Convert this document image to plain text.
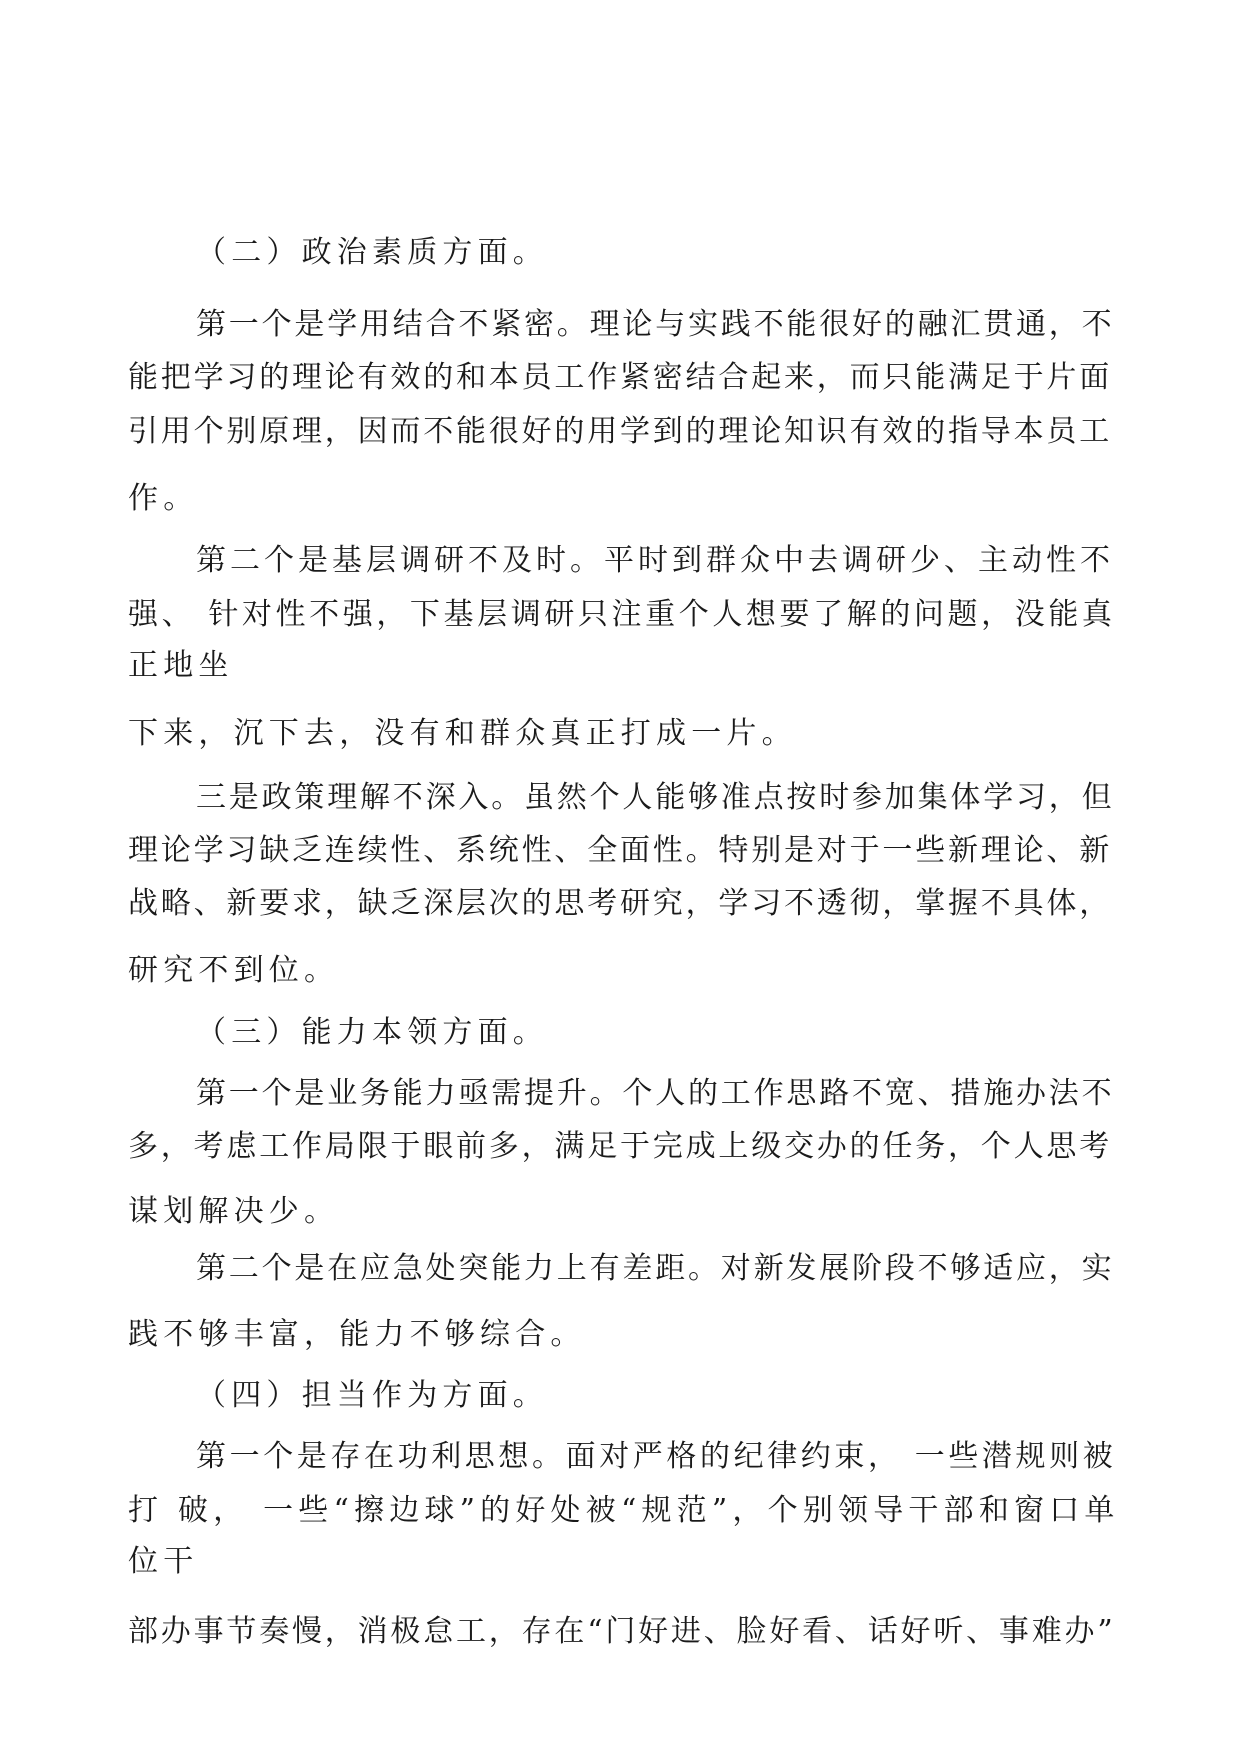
（二）政治素质方面。
第一个是学用结合不紧密。理论与实践不能很好的融汇贯通，不
能把学习的理论有效的和本员工作紧密结合起来，而只能满足于片面
引用个别原理，因而不能很好的用学到的理论知识有效的指导本员工
作。
第二个是基层调研不及时。平时到群众中去调研少、主动性不
强、 针对性不强，下基层调研只注重个人想要了解的问题，没能真
正地坐
下来，沉下去，没有和群众真正打成一片。
三是政策理解不深入。虽然个人能够准点按时参加集体学习，但
理论学习缺乏连续性、系统性、全面性。特别是对于一些新理论、新
战略、新要求，缺乏深层次的思考研究，学习不透彻，掌握不具体，
研究不到位。
（三）能力本领方面。
第一个是业务能力亟需提升。个人的工作思路不宽、措施办法不
多，考虑工作局限于眼前多，满足于完成上级交办的任务，个人思考
谋划解决少。
第二个是在应急处突能力上有差距。对新发展阶段不够适应，实
践不够丰富，能力不够综合。
（四）担当作为方面。
第一个是存在功利思想。面对严格的纪律约束， 一些潜规则被
打 破， 一些“擦边球”的好处被“规范”，个别领导干部和窗口单
位干
部办事节奏慢，消极怠工，存在“门好进、脸好看、话好听、事难办”
